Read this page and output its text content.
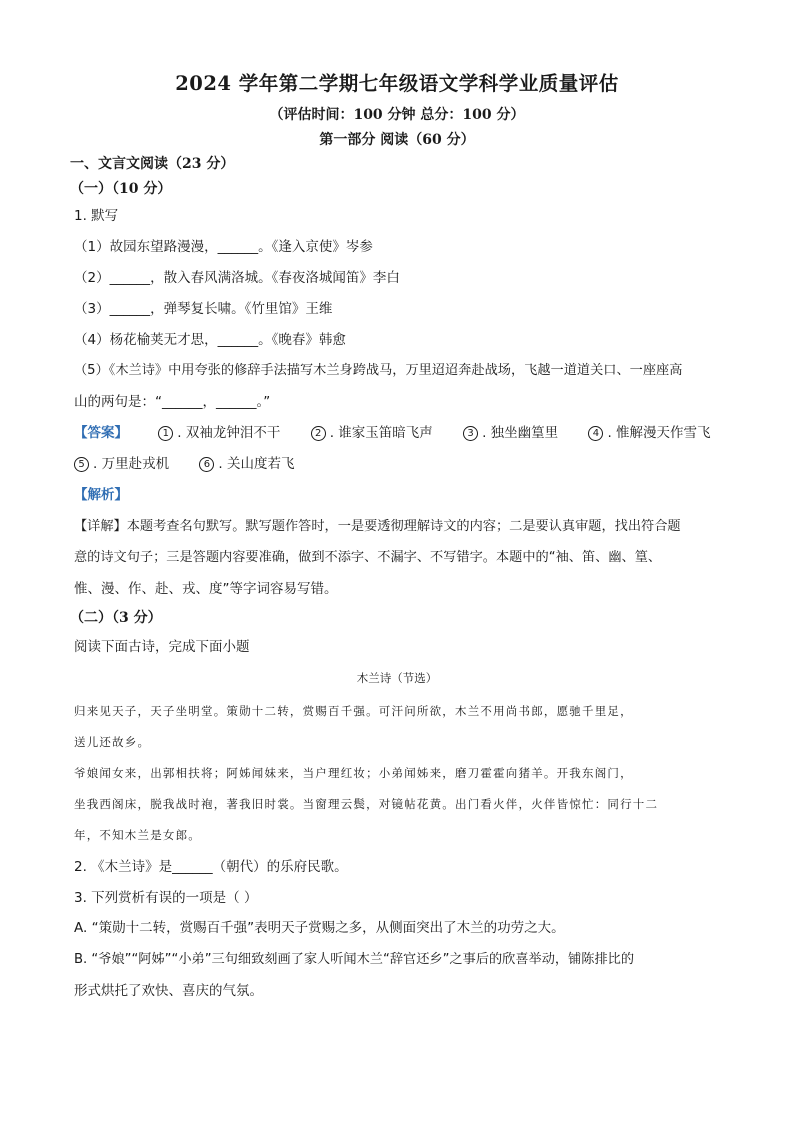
2024 学年第二学期七年级语文学科学业质量评估
（评估时间：100 分钟 总分：100 分）
第一部分 阅读（60 分）
一、文言文阅读（23 分）
（一）（10 分）
1. 默写
（1）故园东望路漫漫，______。《逢入京使》岑参
（2）______，散入春风满洛城。《春夜洛城闻笛》李白
（3）______，弹琴复长啸。《竹里馆》王维
（4）杨花榆荚无才思，______。《晚春》韩愈
（5）《木兰诗》中用夸张的修辞手法描写木兰身跨战马，万里迢迢奔赴战场，飞越一道道关口、一座座高
山的两句是：“______，______。”
【答案】	1 . 双袖龙钟泪不干	2 . 谁家玉笛暗飞声	3 . 独坐幽篁里	4 . 惟解漫天作雪飞
5 . 万里赴戎机	6 . 关山度若飞
【解析】
【详解】本题考查名句默写。默写题作答时，一是要透彻理解诗文的内容；二是要认真审题，找出符合题
意的诗文句子；三是答题内容要准确，做到不添字、不漏字、不写错字。本题中的“袖、笛、幽、篁、
惟、漫、作、赴、戎、度”等字词容易写错。
（二）（3 分）
阅读下面古诗，完成下面小题
木兰诗（节选）
归来见天子，天子坐明堂。策勋十二转，赏赐百千强。可汗问所欲，木兰不用尚书郎，愿驰千里足，
送儿还故乡。
爷娘闻女来，出郭相扶将；阿姊闻妹来，当户理红妆；小弟闻姊来，磨刀霍霍向猪羊。开我东阁门，
坐我西阁床，脱我战时袍，著我旧时裳。当窗理云鬓，对镜帖花黄。出门看火伴，火伴皆惊忙：同行十二
年，不知木兰是女郎。
2. 《木兰诗》是______（朝代）的乐府民歌。
3. 下列赏析有误的一项是（ ）
A. “策勋十二转，赏赐百千强”表明天子赏赐之多，从侧面突出了木兰的功劳之大。
B. “爷娘”“阿姊”“小弟”三句细致刻画了家人听闻木兰“辞官还乡”之事后的欣喜举动，铺陈排比的
形式烘托了欢快、喜庆的气氛。
